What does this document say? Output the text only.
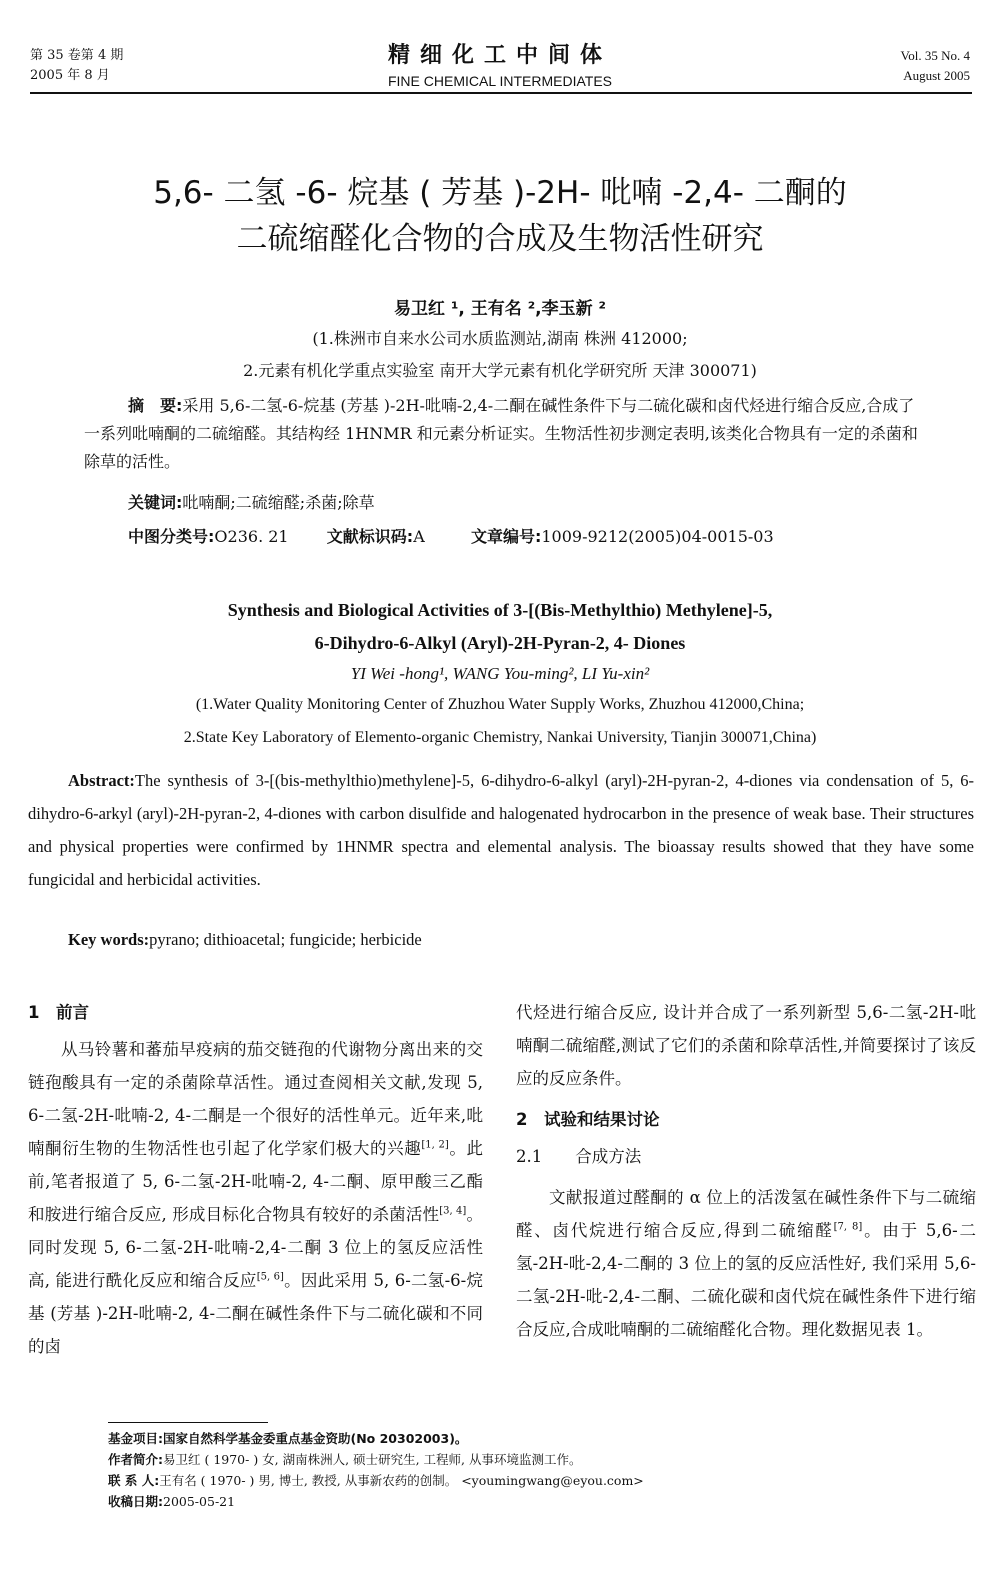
第 35 卷第 4 期
2005 年 8 月
精细化工中间体
FINE CHEMICAL INTERMEDIATES
Vol. 35 No. 4
August 2005
5,6- 二氢 -6- 烷基 ( 芳基 )-2H- 吡喃 -2,4- 二酮的
二硫缩醛化合物的合成及生物活性研究
易卫红 ¹, 王有名 ²,李玉新 ²
(1.株洲市自来水公司水质监测站,湖南 株洲 412000;
2.元素有机化学重点实验室 南开大学元素有机化学研究所 天津 300071)
摘　要:采用 5,6-二氢-6-烷基 (芳基 )-2H-吡喃-2,4-二酮在碱性条件下与二硫化碳和卤代烃进行缩合反应,合成了一系列吡喃酮的二硫缩醛。其结构经 1HNMR 和元素分析证实。生物活性初步测定表明,该类化合物具有一定的杀菌和除草的活性。
关键词:吡喃酮;二硫缩醛;杀菌;除草
中图分类号:O236. 21 文献标识码:A	文章编号:1009-9212(2005)04-0015-03
Synthesis and Biological Activities of 3-[(Bis-Methylthio) Methylene]-5,
6-Dihydro-6-Alkyl (Aryl)-2H-Pyran-2, 4- Diones
YI Wei -hong¹, WANG You-ming², LI Yu-xin²
(1.Water Quality Monitoring Center of Zhuzhou Water Supply Works, Zhuzhou 412000,China;
2.State Key Laboratory of Elemento-organic Chemistry, Nankai University, Tianjin 300071,China)
Abstract:The synthesis of 3-[(bis-methylthio)methylene]-5, 6-dihydro-6-alkyl (aryl)-2H-pyran-2, 4-diones via condensation of 5, 6-dihydro-6-arkyl (aryl)-2H-pyran-2, 4-diones with carbon disulfide and halogenated hydrocarbon in the presence of weak base. Their structures and physical properties were confirmed by 1HNMR spectra and elemental analysis. The bioassay results showed that they have some fungicidal and herbicidal activities.
Key words:pyrano; dithioacetal; fungicide; herbicide

1　前言

从马铃薯和蕃茄早疫病的茄交链孢的代谢物分离出来的交链孢酸具有一定的杀菌除草活性。通过查阅相关文献,发现 5, 6-二氢-2H-吡喃-2, 4-二酮是一个很好的活性单元。近年来,吡喃酮衍生物的生物活性也引起了化学家们极大的兴趣[1, 2]。此前,笔者报道了 5, 6-二氢-2H-吡喃-2, 4-二酮、原甲酸三乙酯和胺进行缩合反应, 形成目标化合物具有较好的杀菌活性[3, 4]。同时发现 5, 6-二氢-2H-吡喃-2,4-二酮 3 位上的氢反应活性高, 能进行酰化反应和缩合反应[5, 6]。因此采用 5, 6-二氢-6-烷基 (芳基 )-2H-吡喃-2, 4-二酮在碱性条件下与二硫化碳和不同的卤

代烃进行缩合反应, 设计并合成了一系列新型 5,6-二氢-2H-吡喃酮二硫缩醛,测试了它们的杀菌和除草活性,并简要探讨了该反应的反应条件。

2　试验和结果讨论

2.1　　合成方法

文献报道过醛酮的 α 位上的活泼氢在碱性条件下与二硫缩醛、卤代烷进行缩合反应,得到二硫缩醛[7, 8]。由于 5,6-二氢-2H-吡-2,4-二酮的 3 位上的氢的反应活性好, 我们采用 5,6-二氢-2H-吡-2,4-二酮、二硫化碳和卤代烷在碱性条件下进行缩合反应,合成吡喃酮的二硫缩醛化合物。理化数据见表 1。

基金项目:国家自然科学基金委重点基金资助(No 20302003)。
作者简介:易卫红 ( 1970- ) 女, 湖南株洲人, 硕士研究生, 工程师, 从事环境监测工作。
联 系 人:王有名 ( 1970- ) 男, 博士, 教授, 从事新农药的创制。 <youmingwang@eyou.com>
收稿日期:2005-05-21
